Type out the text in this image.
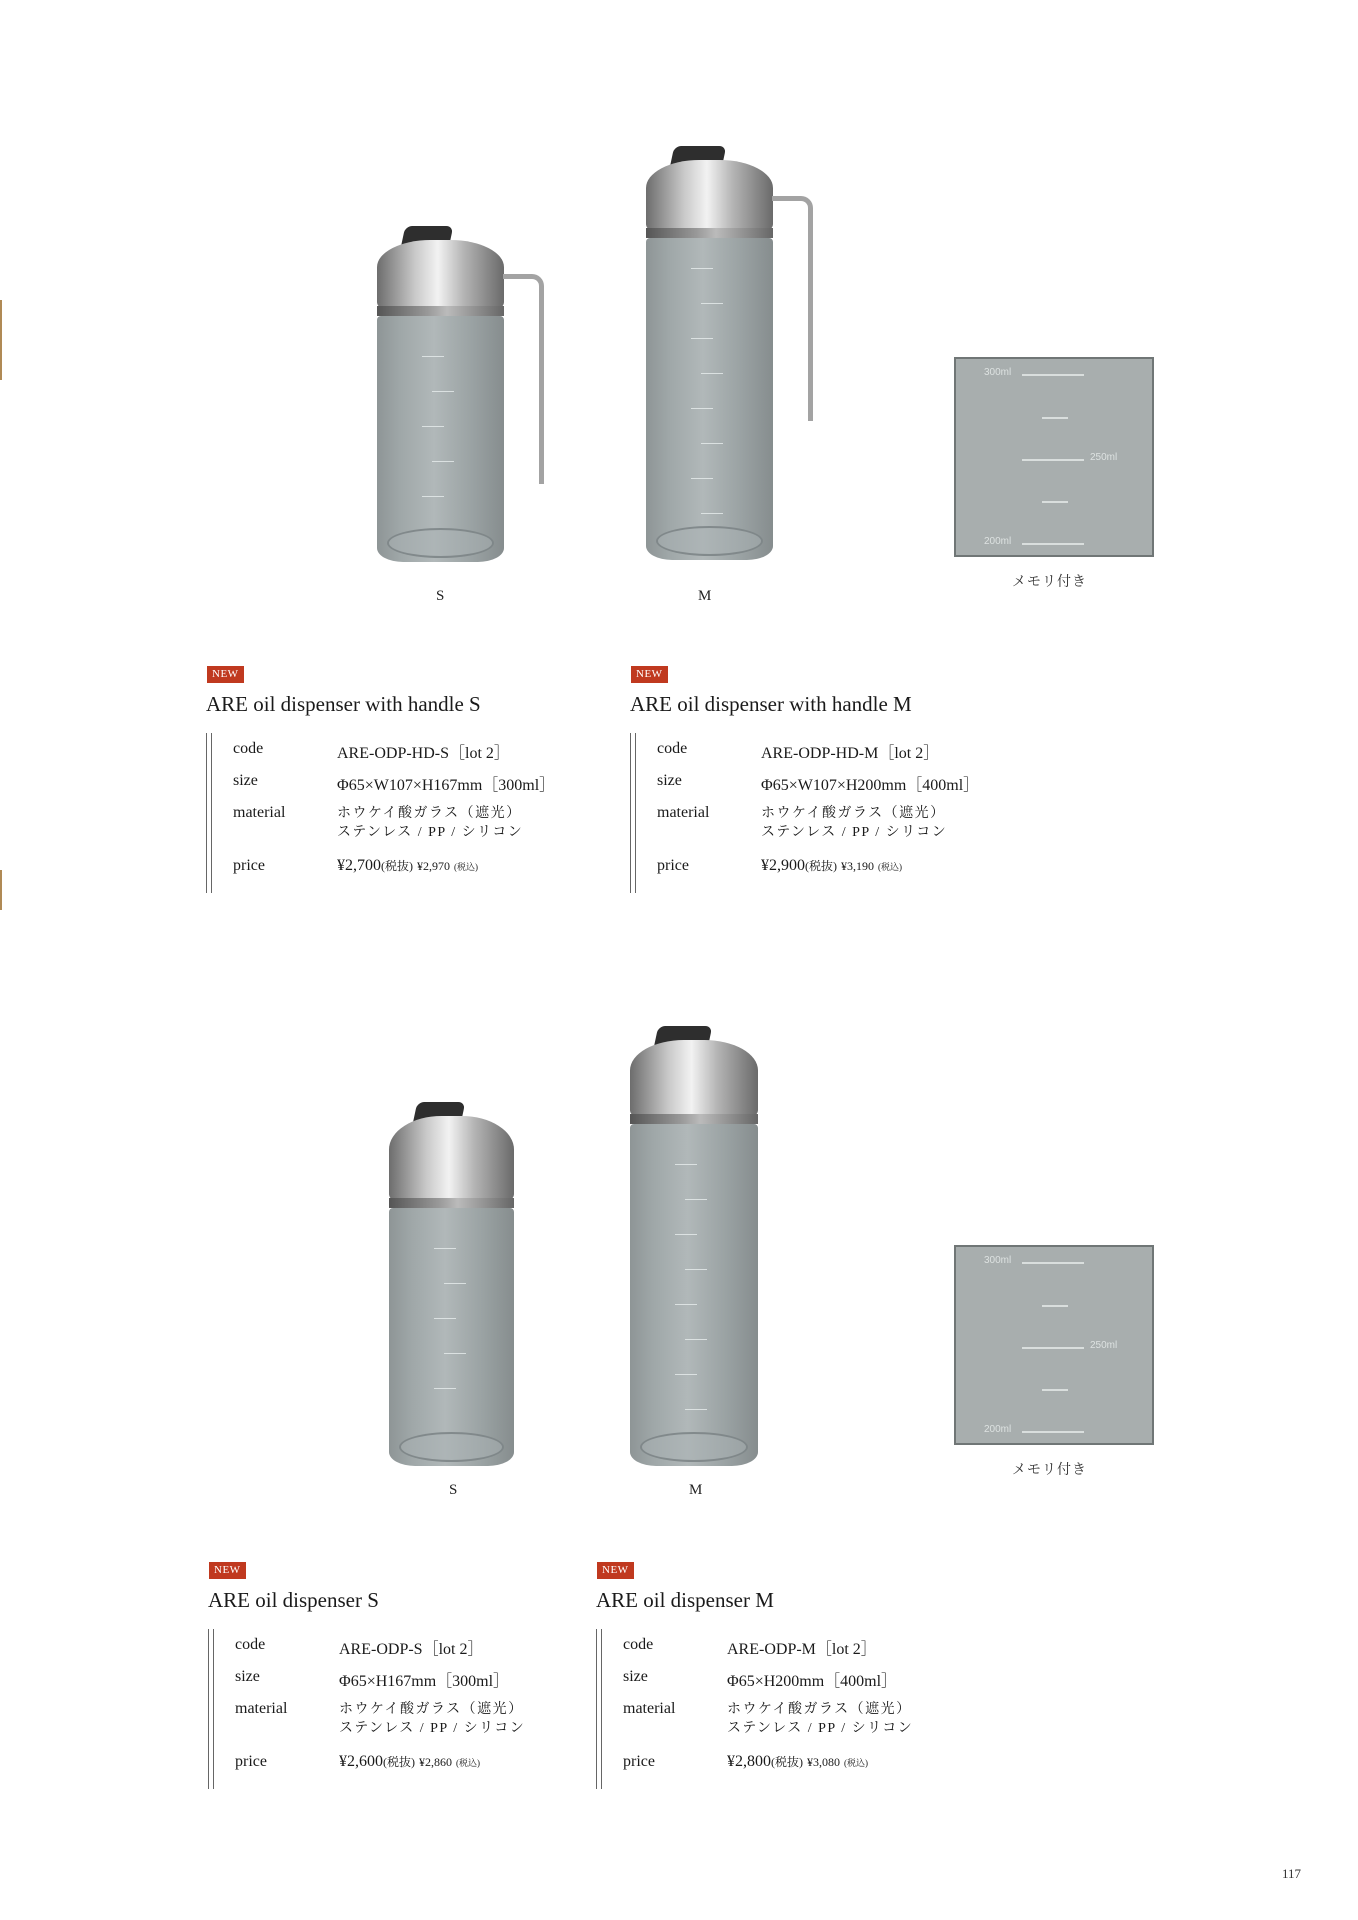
S	M
300ml
250ml
200ml
メモリ付き
NEW
ARE oil dispenser with handle S
code	ARE-ODP-HD-S［lot 2］
size	Φ65×W107×H167mm［300ml］
material	ホウケイ酸ガラス（遮光）
ステンレス / PP / シリコン
price	¥2,700(税抜) ¥2,970 (税込)
NEW
ARE oil dispenser with handle M
code	ARE-ODP-HD-M［lot 2］
size	Φ65×W107×H200mm［400ml］
material	ホウケイ酸ガラス（遮光）
ステンレス / PP / シリコン
price	¥2,900(税抜) ¥3,190 (税込)
S	M
300ml
250ml
200ml
メモリ付き
NEW
ARE oil dispenser S
code	ARE-ODP-S［lot 2］
size	Φ65×H167mm［300ml］
material	ホウケイ酸ガラス（遮光）
ステンレス / PP / シリコン
price	¥2,600(税抜) ¥2,860 (税込)
NEW
ARE oil dispenser M
code	ARE-ODP-M［lot 2］
size	Φ65×H200mm［400ml］
material	ホウケイ酸ガラス（遮光）
ステンレス / PP / シリコン
price	¥2,800(税抜) ¥3,080 (税込)
117
